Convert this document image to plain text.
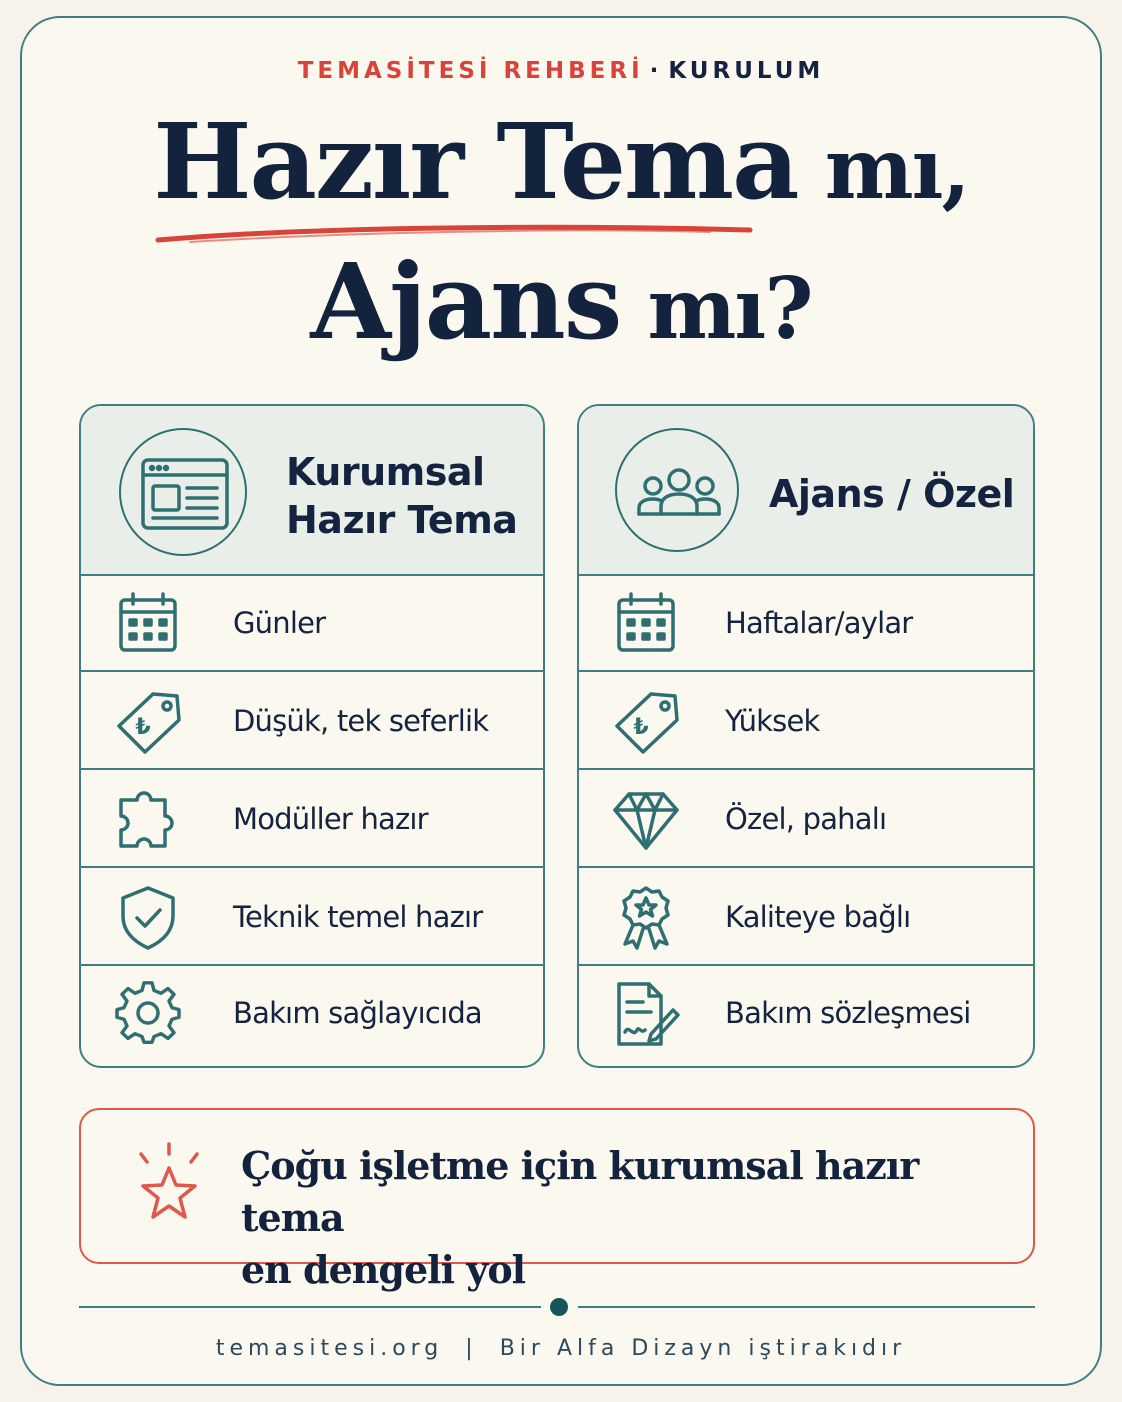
TEMASİTESİ REHBERİ · KURULUM
Hazır Tema mı,
Ajans mı?
Kurumsal
Hazır Tema
Günler
₺	Düşük, tek seferlik
Modüller hazır
Teknik temel hazır
Bakım sağlayıcıda
Ajans / Özel
Haftalar/aylar
₺	Yüksek
Özel, pahalı
Kaliteye bağlı
Bakım sözleşmesi
Çoğu işletme için kurumsal hazır tema
en dengeli yol
temasitesi.org | Bir Alfa Dizayn iştirakıdır
